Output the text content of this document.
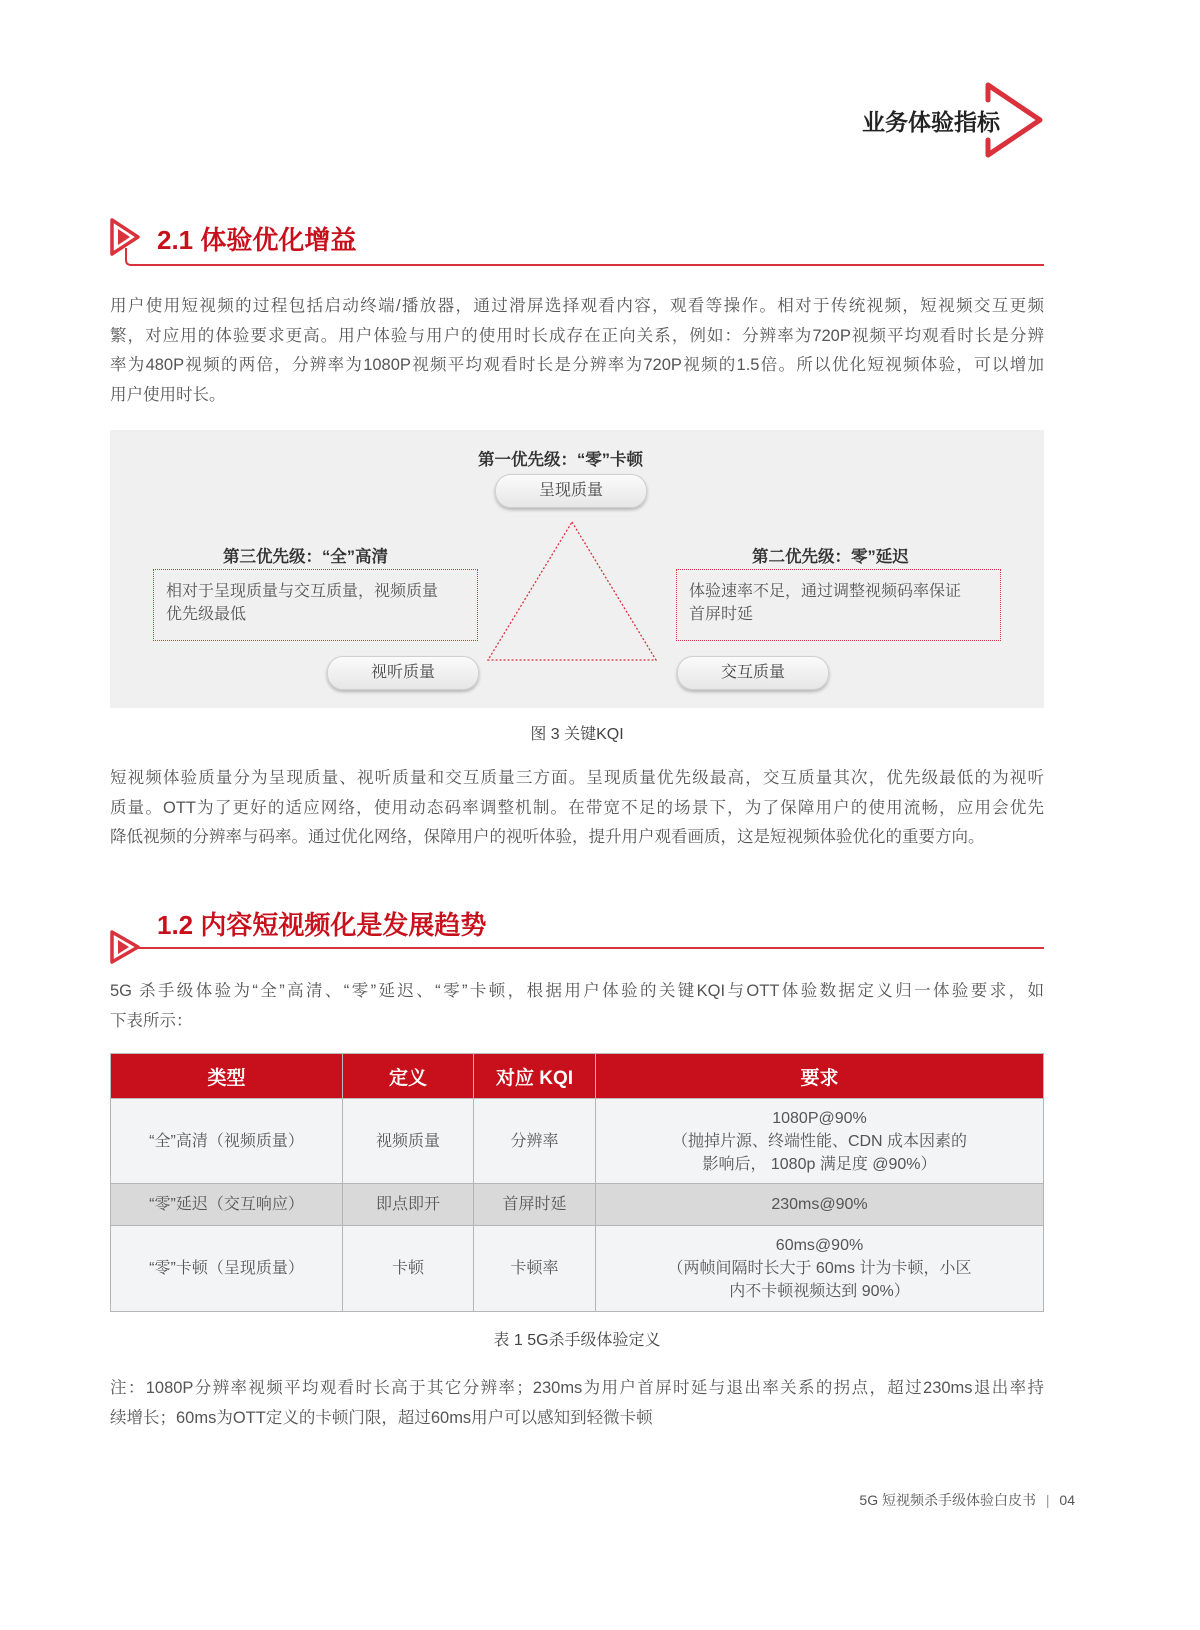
业务体验指标
2.1 体验优化增益
用户使用短视频的过程包括启动终端/播放器，通过滑屏选择观看内容，观看等操作。相对于传统视频，短视频交互更频
繁，对应用的体验要求更高。用户体验与用户的使用时长成存在正向关系，例如：分辨率为720P视频平均观看时长是分辨
率为480P视频的两倍，分辨率为1080P视频平均观看时长是分辨率为720P视频的1.5倍。所以优化短视频体验，可以增加
用户使用时长。
第一优先级：“零”卡顿
呈现质量
第三优先级：“全”高清
相对于呈现质量与交互质量，视频质量
优先级最低
视听质量
第二优先级：零”延迟
体验速率不足，通过调整视频码率保证
首屏时延
交互质量
图 3 关键KQI
短视频体验质量分为呈现质量、视听质量和交互质量三方面。呈现质量优先级最高，交互质量其次，优先级最低的为视听
质量。OTT为了更好的适应网络，使用动态码率调整机制。在带宽不足的场景下，为了保障用户的使用流畅，应用会优先
降低视频的分辨率与码率。通过优化网络，保障用户的视听体验，提升用户观看画质，这是短视频体验优化的重要方向。
1.2 内容短视频化是发展趋势
5G 杀手级体验为“全”高清、“零”延迟、“零”卡顿，根据用户体验的关键KQI与OTT体验数据定义归一体验要求，如
下表所示：
类型	定义	对应 KQI	要求
“全”高清（视频质量）	视频质量	分辨率	1080P@90%
（抛掉片源、终端性能、CDN 成本因素的
影响后， 1080p 满足度 @90%）

“零”延迟（交互响应）	即点即开	首屏时延	230ms@90%

“零”卡顿（呈现质量）	卡顿	卡顿率	60ms@90%
（两帧间隔时长大于 60ms 计为卡顿，小区
内不卡顿视频达到 90%）
表 1 5G杀手级体验定义
注：1080P分辨率视频平均观看时长高于其它分辨率；230ms为用户首屏时延与退出率关系的拐点，超过230ms退出率持
续增长；60ms为OTT定义的卡顿门限，超过60ms用户可以感知到轻微卡顿
5G 短视频杀手级体验白皮书 | 04
